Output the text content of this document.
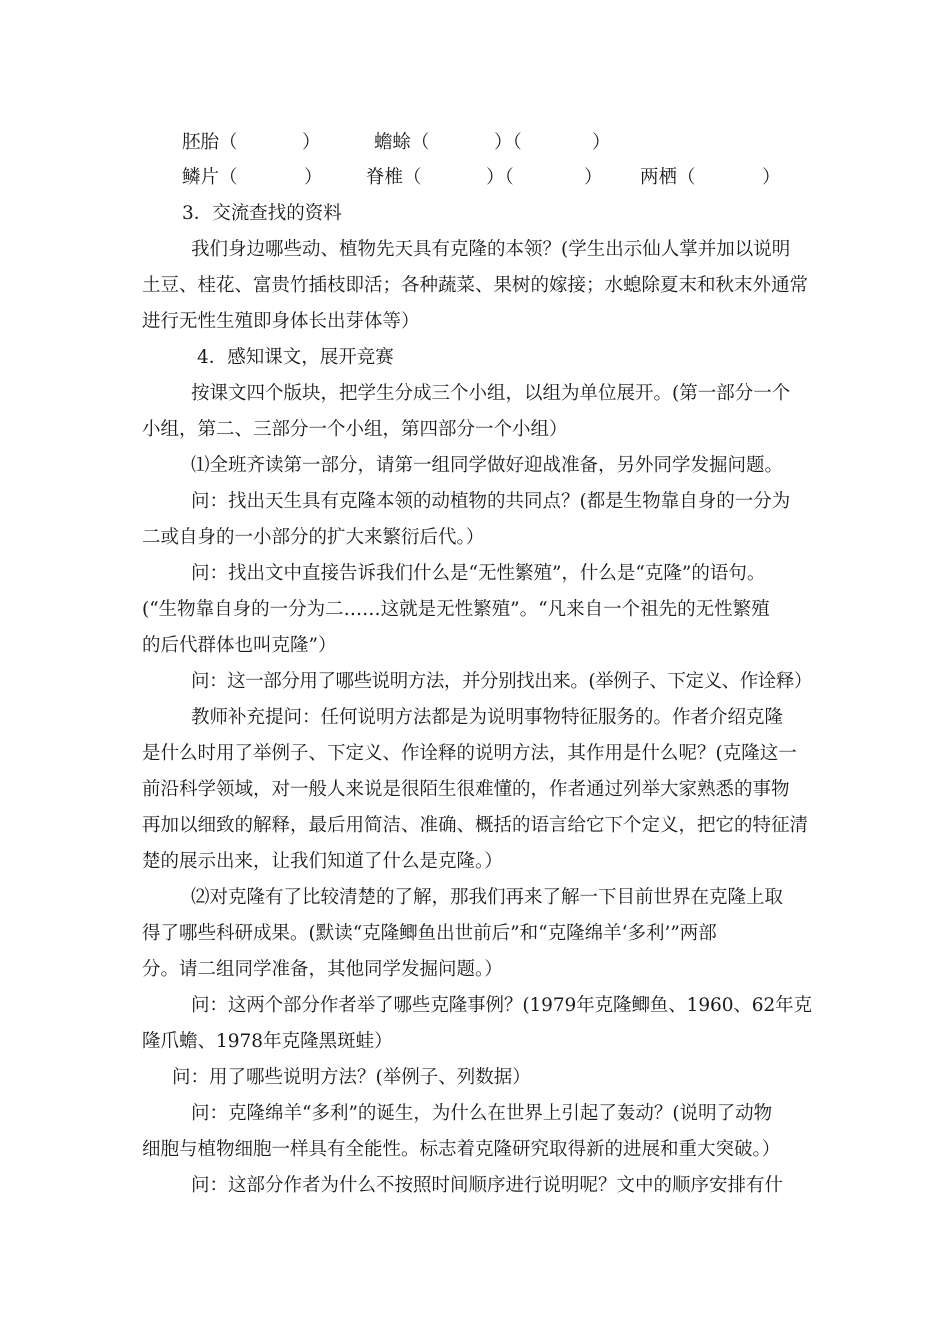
胚胎（	）	蟾蜍（	）（	）
鳞片（	） 脊椎（	）（	） 两栖（	）
3．交流查找的资料
我们身边哪些动、植物先天具有克隆的本领？(学生出示仙人掌并加以说明
土豆、桂花、富贵竹插枝即活；各种蔬菜、果树的嫁接；水螅除夏末和秋末外通常
进行无性生殖即身体长出芽体等）
4．感知课文，展开竞赛
按课文四个版块，把学生分成三个小组，以组为单位展开。(第一部分一个
小组，第二、三部分一个小组，第四部分一个小组）
⑴全班齐读第一部分，请第一组同学做好迎战准备，另外同学发掘问题。
问：找出天生具有克隆本领的动植物的共同点？(都是生物靠自身的一分为
二或自身的一小部分的扩大来繁衍后代。）
问：找出文中直接告诉我们什么是“无性繁殖”，什么是“克隆”的语句。
(“生物靠自身的一分为二……这就是无性繁殖”。“凡来自一个祖先的无性繁殖
的后代群体也叫克隆”）
问：这一部分用了哪些说明方法，并分别找出来。(举例子、下定义、作诠释）
教师补充提问：任何说明方法都是为说明事物特征服务的。作者介绍克隆
是什么时用了举例子、下定义、作诠释的说明方法，其作用是什么呢？(克隆这一
前沿科学领域，对一般人来说是很陌生很难懂的，作者通过列举大家熟悉的事物
再加以细致的解释，最后用简洁、准确、概括的语言给它下个定义，把它的特征清
楚的展示出来，让我们知道了什么是克隆。）
⑵对克隆有了比较清楚的了解，那我们再来了解一下目前世界在克隆上取
得了哪些科研成果。(默读“克隆鲫鱼出世前后”和“克隆绵羊‘多利’”两部
分。请二组同学准备，其他同学发掘问题。）
问：这两个部分作者举了哪些克隆事例？(1979年克隆鲫鱼、1960、62年克
隆爪蟾、1978年克隆黑斑蛙）
问：用了哪些说明方法？(举例子、列数据）
问：克隆绵羊“多利”的诞生，为什么在世界上引起了轰动？(说明了动物
细胞与植物细胞一样具有全能性。标志着克隆研究取得新的进展和重大突破。）
问：这部分作者为什么不按照时间顺序进行说明呢？文中的顺序安排有什
